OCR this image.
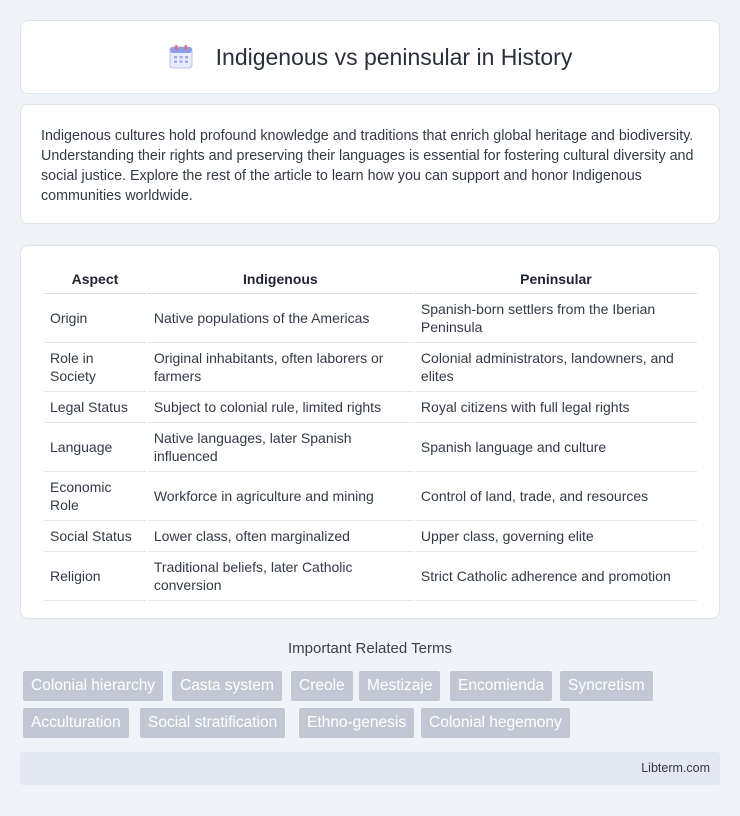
Indigenous vs peninsular in History

Indigenous cultures hold profound knowledge and traditions that enrich global heritage and biodiversity. Understanding their rights and preserving their languages is essential for fostering cultural diversity and social justice. Explore the rest of the article to learn how you can support and honor Indigenous communities worldwide.

Aspect	Indigenous	Peninsular
Origin	Native populations of the Americas	Spanish-born settlers from the Iberian Peninsula
Role in Society	Original inhabitants, often laborers or farmers	Colonial administrators, landowners, and elites
Legal Status	Subject to colonial rule, limited rights	Royal citizens with full legal rights
Language	Native languages, later Spanish influenced	Spanish language and culture
Economic Role	Workforce in agriculture and mining	Control of land, trade, and resources
Social Status	Lower class, often marginalized	Upper class, governing elite
Religion	Traditional beliefs, later Catholic conversion	Strict Catholic adherence and promotion
Important Related Terms
Colonial hierarchy	Casta system	Creole	Mestizaje	Encomienda	Syncretism
Acculturation	Social stratification	Ethno-genesis	Colonial hegemony
Libterm.com
